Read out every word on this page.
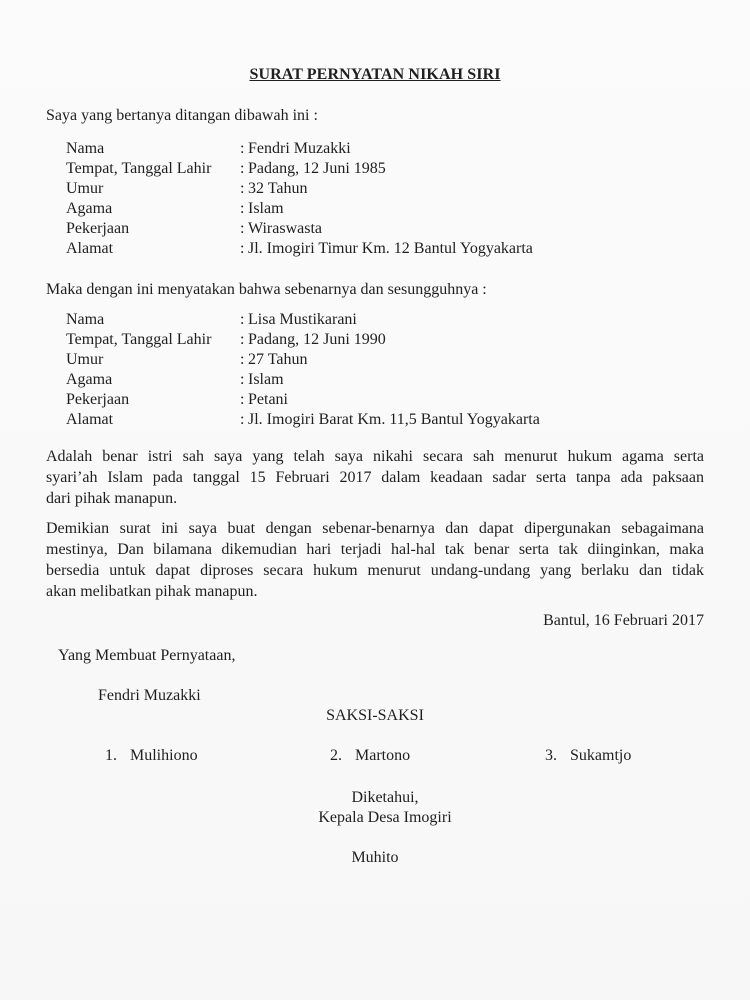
SURAT PERNYATAN NIKAH SIRI
Saya yang bertanya ditangan dibawah ini :
Nama	: Fendri Muzakki
Tempat, Tanggal Lahir	: Padang, 12 Juni 1985
Umur	: 32 Tahun
Agama	: Islam
Pekerjaan	: Wiraswasta
Alamat	: Jl. Imogiri Timur Km. 12 Bantul Yogyakarta
Maka dengan ini menyatakan bahwa sebenarnya dan sesungguhnya :
Nama	: Lisa Mustikarani
Tempat, Tanggal Lahir	: Padang, 12 Juni 1990
Umur	: 27 Tahun
Agama	: Islam
Pekerjaan	: Petani
Alamat	: Jl. Imogiri Barat Km. 11,5 Bantul Yogyakarta
Adalah benar istri sah saya yang telah saya nikahi secara sah menurut hukum agama serta
syari’ah Islam pada tanggal 15 Februari 2017 dalam keadaan sadar serta tanpa ada paksaan
dari pihak manapun.
Demikian surat ini saya buat dengan sebenar-benarnya dan dapat dipergunakan sebagaimana
mestinya, Dan bilamana dikemudian hari terjadi hal-hal tak benar serta tak diinginkan, maka
bersedia untuk dapat diproses secara hukum menurut undang-undang yang berlaku dan tidak
akan melibatkan pihak manapun.
Bantul, 16 Februari 2017
Yang Membuat Pernyataan,
Fendri Muzakki
SAKSI-SAKSI
1. Mulihiono	2. Martono	3. Sukamtjo
Diketahui,
Kepala Desa Imogiri
Muhito
